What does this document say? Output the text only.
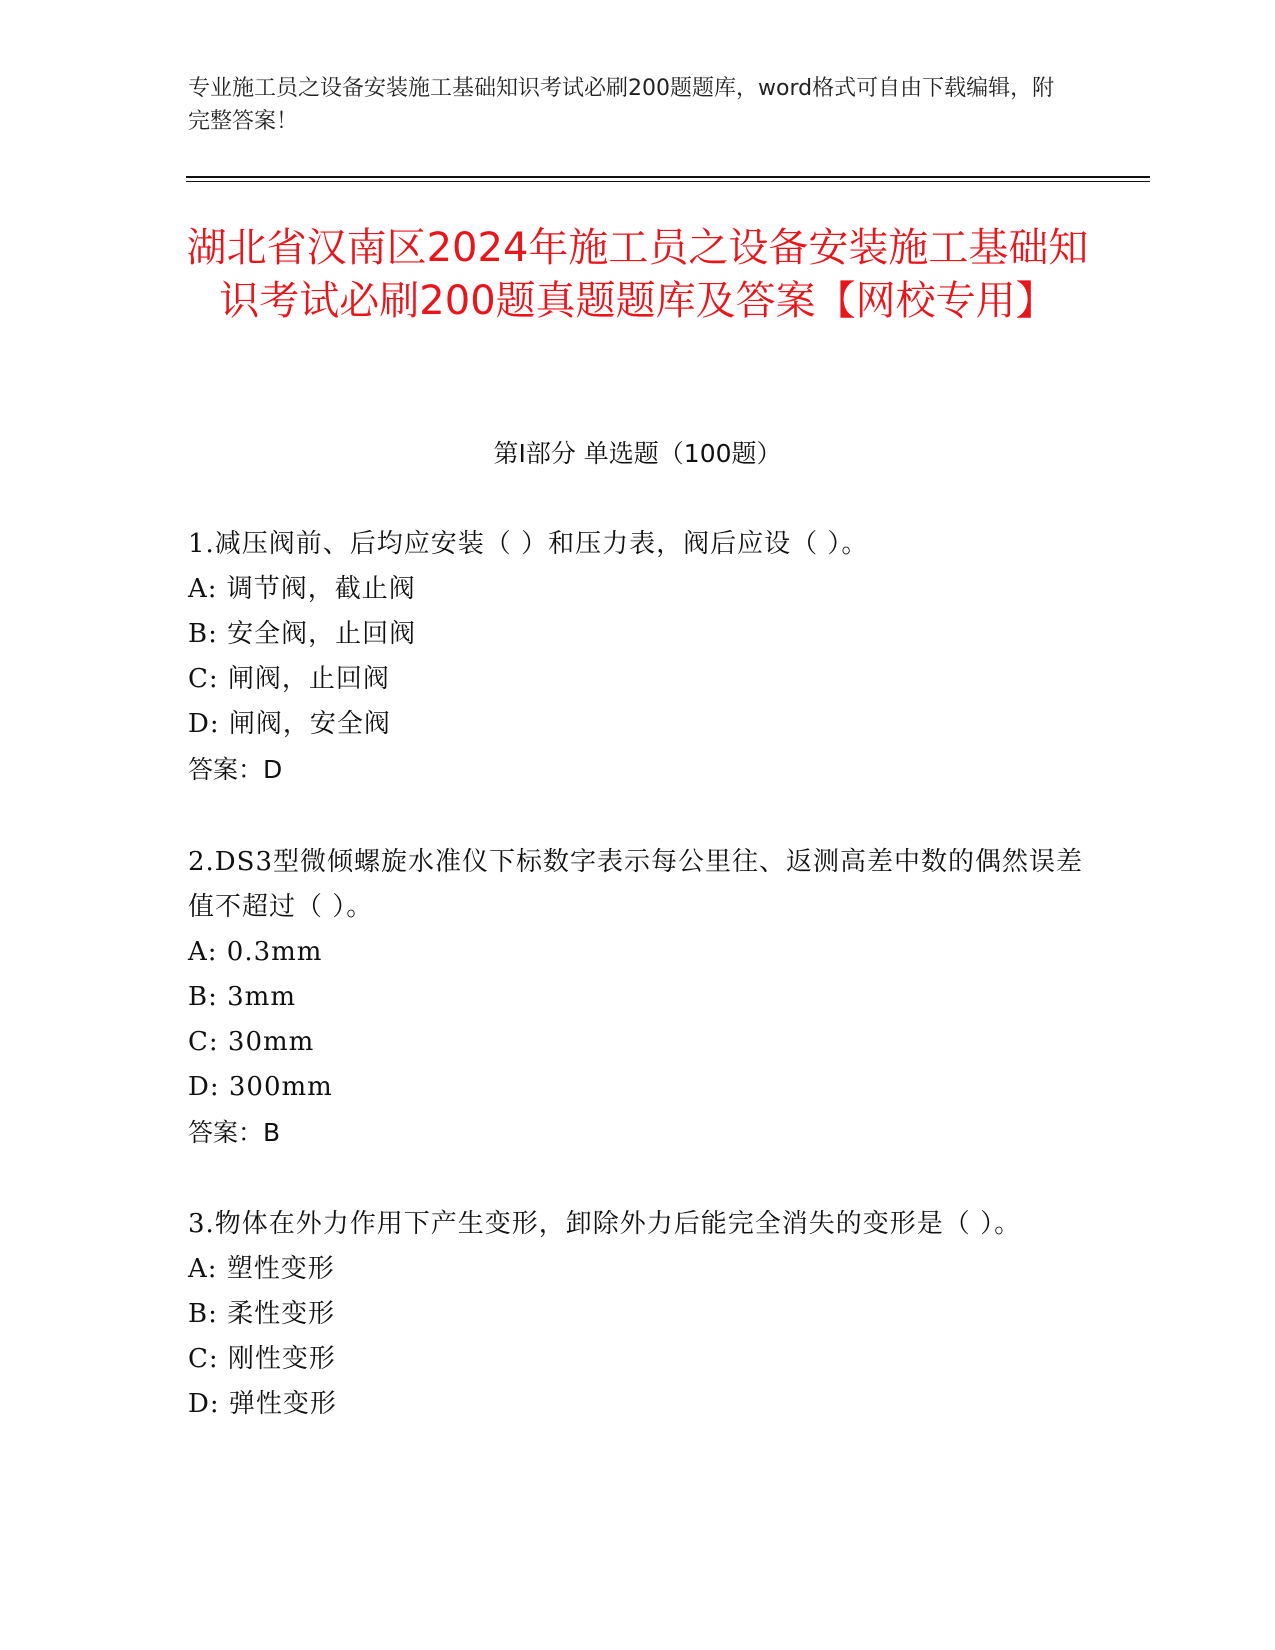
专业施工员之设备安装施工基础知识考试必刷200题题库，word格式可自由下载编辑，附完整答案！
湖北省汉南区2024年施工员之设备安装施工基础知识考试必刷200题真题题库及答案【网校专用】
第Ⅰ部分 单选题（100题）

1.减压阀前、后均应安装（ ）和压力表，阀后应设（ ）。

A: 调节阀，截止阀

B: 安全阀，止回阀

C: 闸阀，止回阀

D: 闸阀，安全阀

答案：D

2.DS3型微倾螺旋水准仪下标数字表示每公里往、返测高差中数的偶然误差值不超过（ ）。

A: 0.3mm

B: 3mm

C: 30mm

D: 300mm

答案：B

3.物体在外力作用下产生变形，卸除外力后能完全消失的变形是（ ）。

A: 塑性变形

B: 柔性变形

C: 刚性变形

D: 弹性变形
